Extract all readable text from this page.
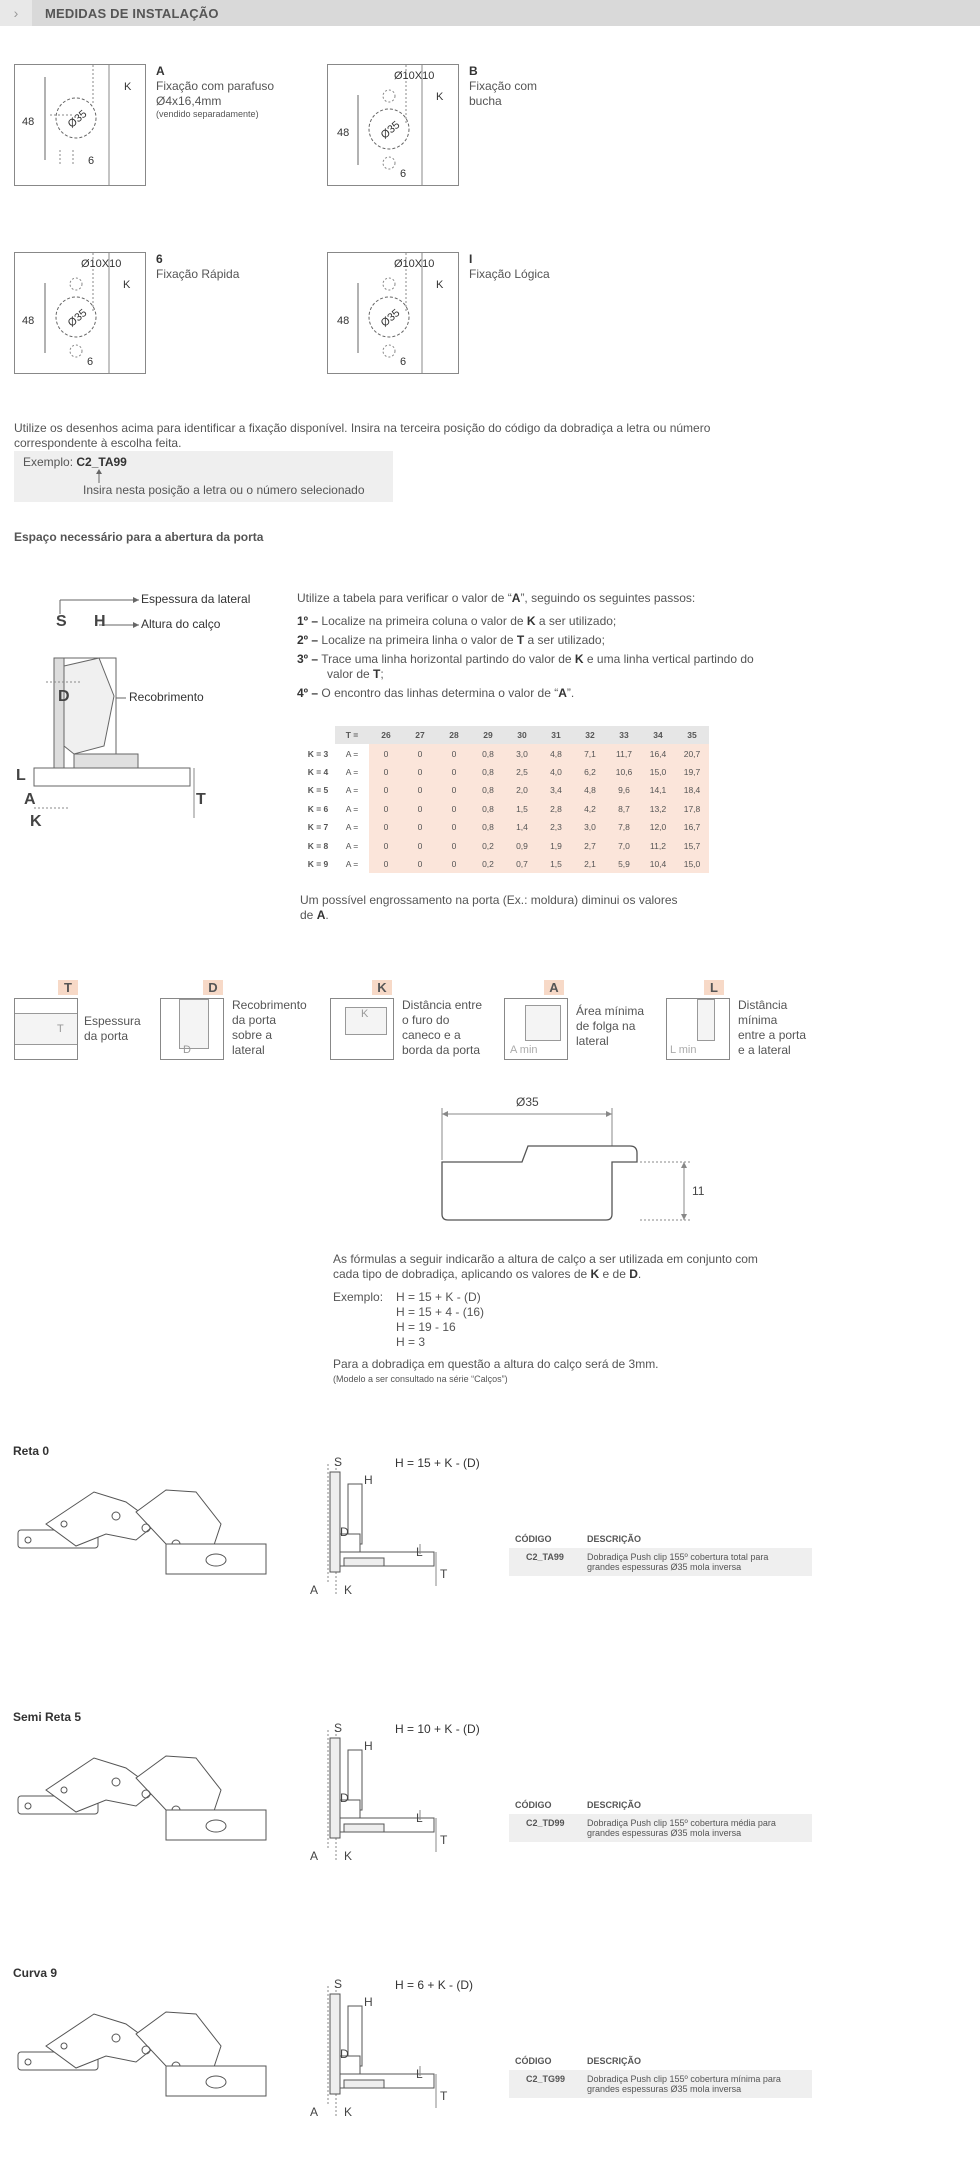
›	MEDIDAS DE INSTALAÇÃO
48	Ø35
6
K
A
Fixação com parafuso
Ø4x16,4mm
(vendido separadamente)
Ø10X10
48	Ø35
6
K
B
Fixação com
bucha
Ø10X10
48	Ø35
6
K
6
Fixação Rápida
Ø10X10
48	Ø35
6
K
I
Fixação Lógica
Utilize os desenhos acima para identificar a fixação disponível. Insira na terceira posição do código da dobradiça a letra ou número correspondente à escolha feita.
Exemplo: C2_TA99
Insira nesta posição a letra ou o número selecionado
Espaço necessário para a abertura da porta
S H
D
L
A
K
T
Espessura da lateral
Altura do calço
Recobrimento
Utilize a tabela para verificar o valor de “A”, seguindo os seguintes passos:
1º – Localize na primeira coluna o valor de K a ser utilizado;
2º – Localize na primeira linha o valor de T a ser utilizado;
3º – Trace uma linha horizontal partindo do valor de K e uma linha vertical partindo do
valor de T;
4º – O encontro das linhas determina o valor de “A”.
	T =	26	27	28	29	30	31	32	33	34	35
K = 3	A =	0	0	0	0,8	3,0	4,8	7,1	11,7	16,4	20,7
K = 4	A =	0	0	0	0,8	2,5	4,0	6,2	10,6	15,0	19,7
K = 5	A =	0	0	0	0,8	2,0	3,4	4,8	9,6	14,1	18,4
K = 6	A =	0	0	0	0,8	1,5	2,8	4,2	8,7	13,2	17,8
K = 7	A =	0	0	0	0,8	1,4	2,3	3,0	7,8	12,0	16,7
K = 8	A =	0	0	0	0,2	0,9	1,9	2,7	7,0	11,2	15,7
K = 9	A =	0	0	0	0,2	0,7	1,5	2,1	5,9	10,4	15,0
Um possível engrossamento na porta (Ex.: moldura) diminui os valores
de A.
T
T
Espessura
da porta
D
D
Recobrimento
da porta
sobre a
lateral
K
K
Distância entre
o furo do
caneco e a
borda da porta
A
A min
Área mínima
de folga na
lateral
L
L min
Distância
mínima
entre a porta
e a lateral
Ø35
11
As fórmulas a seguir indicarão a altura de calço a ser utilizada em conjunto com
cada tipo de dobradiça, aplicando os valores de K e de D.
Exemplo: H = 15 + K - (D)
H = 15 + 4 - (16)
H = 19 - 16
H = 3
Para a dobradiça em questão a altura do calço será de 3mm.
(Modelo a ser consultado na série “Calços”)
Reta 0
S
H
D
L
T
A K
H = 15 + K - (D)
CÓDIGO	DESCRIÇÃO
C2_TA99	Dobradiça Push clip 155º cobertura total para
grandes espessuras Ø35 mola inversa
Semi Reta 5
S
H
D
L
T
A K
H = 10 + K - (D)
CÓDIGO	DESCRIÇÃO
C2_TD99 Dobradiça Push clip 155º cobertura média para
grandes espessuras Ø35 mola inversa
Curva 9
S
H
D
L
T
A K
H = 6 + K - (D)
CÓDIGO	DESCRIÇÃO
C2_TG99 Dobradiça Push clip 155º cobertura mínima para
grandes espessuras Ø35 mola inversa
